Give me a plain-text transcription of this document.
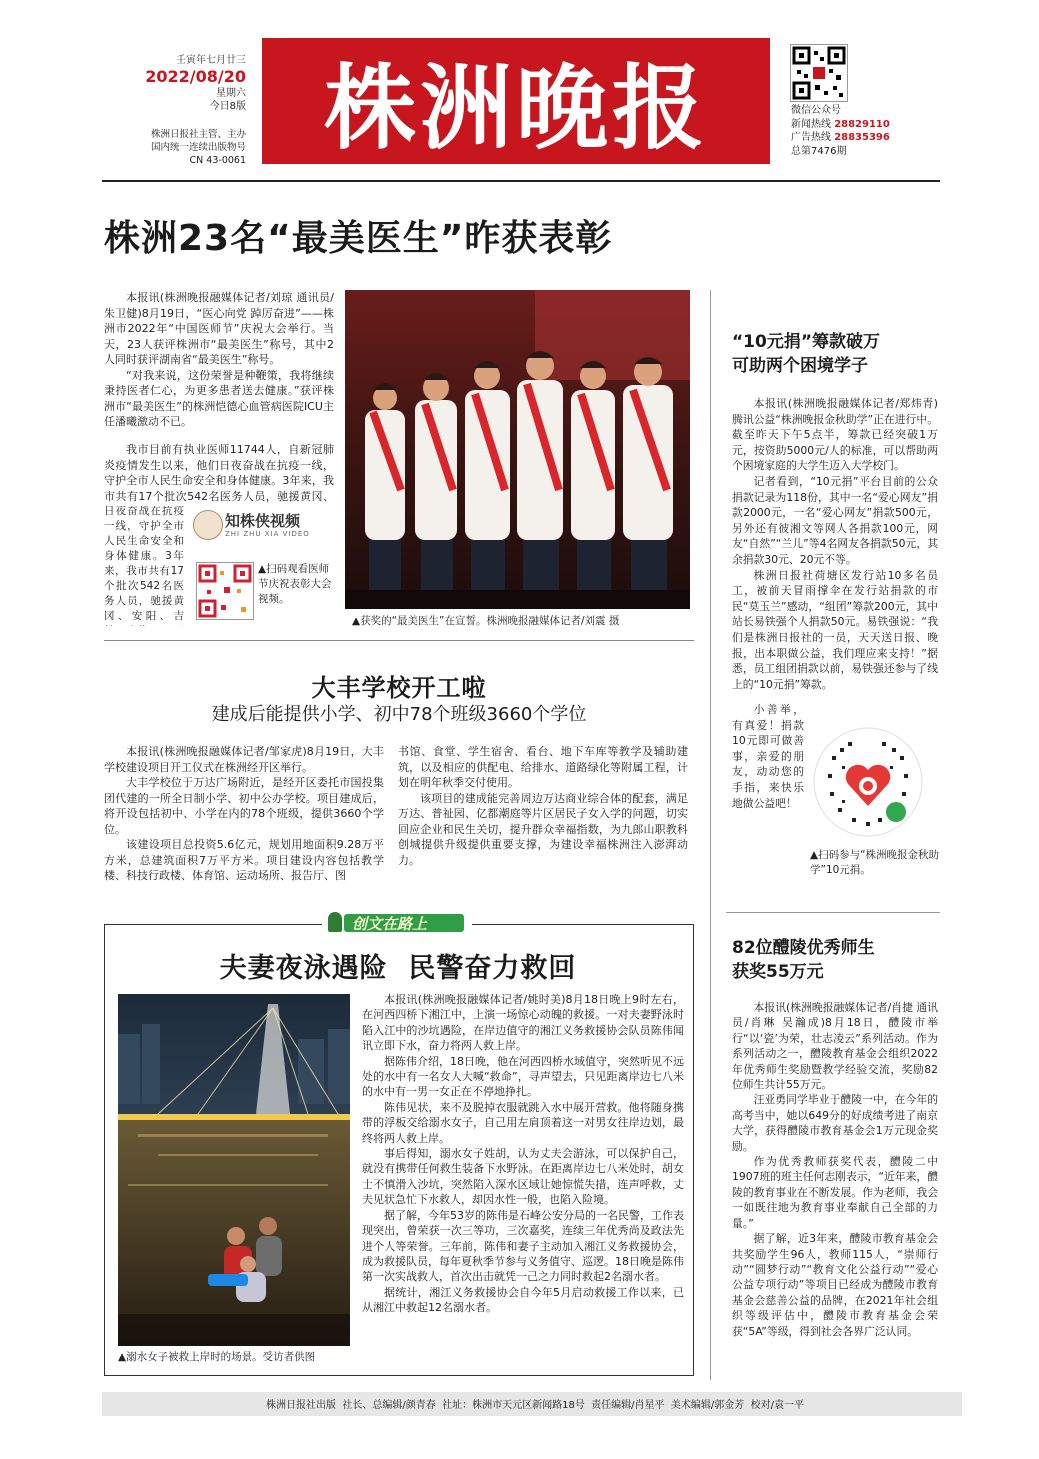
壬寅年七月廿三
2022/08/20
星期六
今日8版
株洲日报社主管、主办
国内统一连续出版物号
CN 43-0061 株洲晚报	微信公众号
新闻热线 28829110
广告热线 28835396
总第7476期
株洲23名“最美医生”昨获表彰

本报讯(株洲晚报融媒体记者/刘琼 通讯员/朱卫健)8月19日，“医心向党 踔厉奋进”——株洲市2022年“中国医师节”庆祝大会举行。当天，23人获评株洲市“最美医生”称号，其中2人同时获评湖南省“最美医生”称号。

“对我来说，这份荣誉是种鞭策，我将继续秉持医者仁心，为更多患者送去健康。”获评株洲市“最美医生”的株洲恺德心血管病医院ICU主任潘曦激动不已。

我市目前有执业医师11744人，自新冠肺炎疫情发生以来，他们日夜奋战在抗疫一线，守护全市人民生命安全和身体健康。3年来，我市共有17个批次542名医务人员，驰援黄冈、

日夜奋战在抗疫一线，守护全市人民生命安全和身体健康。3年来，我市共有17个批次542名医务人员，驰援黄冈、安阳、吉

知株侠视频
ZHI ZHU XIA VIDEO
▲扫码观看医师节庆祝表彰大会视频。
▲获奖的“最美医生”在宣誓。株洲晚报融媒体记者/刘震 摄
大丰学校开工啦
建成后能提供小学、初中78个班级3660个学位

本报讯(株洲晚报融媒体记者/邹家虎)8月19日，大丰学校建设项目开工仪式在株洲经开区举行。

大丰学校位于万达广场附近，是经开区委托市国投集团代建的一所全日制小学、初中公办学校。项目建成后，将开设包括初中、小学在内的78个班级，提供3660个学位。

该建设项目总投资5.6亿元，规划用地面积9.28万平方米，总建筑面积7万平方米。项目建设内容包括教学楼、科技行政楼、体育馆、运动场所、报告厅、图

书馆、食堂、学生宿舍、看台、地下车库等教学及辅助建筑，以及相应的供配电、给排水、道路绿化等附属工程，计划在明年秋季交付使用。

该项目的建成能完善周边万达商业综合体的配套，满足万达、普祉园、亿都潮庭等片区居民子女入学的问题，切实回应企业和民生关切，提升群众幸福指数，为九郎山职教科创城提供升级提供重要支撑，为建设幸福株洲注入澎湃动力。

创文在路上
夫妻夜泳遇险  民警奋力救回
▲溺水女子被救上岸时的场景。受访者供图

本报讯(株洲晚报融媒体记者/姚时美)8月18日晚上9时左右，在河西四桥下湘江中，上演一场惊心动魄的救援。一对夫妻野泳时陷入江中的沙坑遇险，在岸边值守的湘江义务救援协会队员陈伟闻讯立即下水，奋力将两人救上岸。

据陈伟介绍，18日晚，他在河西四桥水域值守，突然听见不远处的水中有一名女人大喊“救命”，寻声望去，只见距离岸边七八米的水中有一男一女正在不停地挣扎。

陈伟见状，来不及脱掉衣服就跳入水中展开营救。他将随身携带的浮板交给溺水女子，自己用左肩顶着这一对男女往岸边划，最终将两人救上岸。

事后得知，溺水女子姓胡，认为丈夫会游泳，可以保护自己，就没有携带任何救生装备下水野泳。在距离岸边七八米处时，胡女士不慎滑入沙坑，突然陷入深水区域让她惊慌失措，连声呼救，丈夫见状急忙下水救人，却因水性一般，也陷入险境。

据了解，今年53岁的陈伟是石峰公安分局的一名民警，工作表现突出，曾荣获一次三等功，三次嘉奖，连续三年优秀尚及政法先进个人等荣誉。三年前，陈伟和妻子主动加入湘江义务救援协会，成为救援队员，每年夏秋季节参与义务值守、巡逻。18日晚是陈伟第一次实战救人，首次出击就凭一己之力同时救起2名溺水者。

据统计，湘江义务救援协会自今年5月启动救援工作以来，已从湘江中救起12名溺水者。

“10元捐”筹款破万
可助两个困境学子

本报讯(株洲晚报融媒体记者/郑炜青)腾讯公益“株洲晚报金秋助学”正在进行中。截至昨天下午5点半，筹款已经突破1万元，按资助5000元/人的标准，可以帮助两个困境家庭的大学生迈入大学校门。

记者看到，“10元捐”平台目前的公众捐款记录为118份，其中一名“爱心网友”捐款2000元，一名“爱心网友”捐款500元，另外还有彼湘文等网人各捐款100元，网友“自然”“兰儿”等4名网友各捐款50元，其余捐款30元、20元不等。

株洲日报社荷塘区发行站10多名员工，被前天冒雨撑伞在发行站捐款的市民“莫玉兰”感动，“组团”筹款200元，其中站长易铁强个人捐款50元。易铁强说：“我们是株洲日报社的一员，天天送日报、晚报，出本职做公益，我们理应来支持！”据悉，员工组团捐款以前，易铁强还参与了线上的“10元捐”筹款。

小善举，有真爱！捐款10元即可做善事，亲爱的朋友，动动您的手指，来快乐地做公益吧！

▲扫码参与“株洲晚报金秋助学”10元捐。
82位醴陵优秀师生
获奖55万元

本报讯(株洲晚报融媒体记者/肖捷 通讯员/肖琳 吴瀚成)8月18日，醴陵市举行“以‘瓷’为荣，壮志凌云”系列活动。作为系列活动之一，醴陵教育基金会组织2022年优秀师生奖励暨教学经验交流，奖励82位师生共计55万元。

汪亚勇同学毕业于醴陵一中，在今年的高考当中，她以649分的好成绩考进了南京大学，获得醴陵市教育基金会1万元现金奖励。

作为优秀教师获奖代表，醴陵二中1907班的班主任何志刚表示，“近年来，醴陵的教育事业在不断发展。作为老师，我会一如既往地为教育事业奉献自己全部的力量。”

据了解，近3年来，醴陵市教育基金会共奖励学生96人，教师115人，“崇师行动”“圆梦行动”“教育文化公益行动”“爱心公益专项行动”等项目已经成为醴陵市教育基金会慈善公益的品牌，在2021年社会组织等级评估中，醴陵市教育基金会荣获“5A”等级，得到社会各界广泛认同。

株洲日报社出版  社长、总编辑/颜青春  社址：株洲市天元区新闻路18号  责任编辑/肖星平  美术编辑/郭金芳  校对/袁一平
